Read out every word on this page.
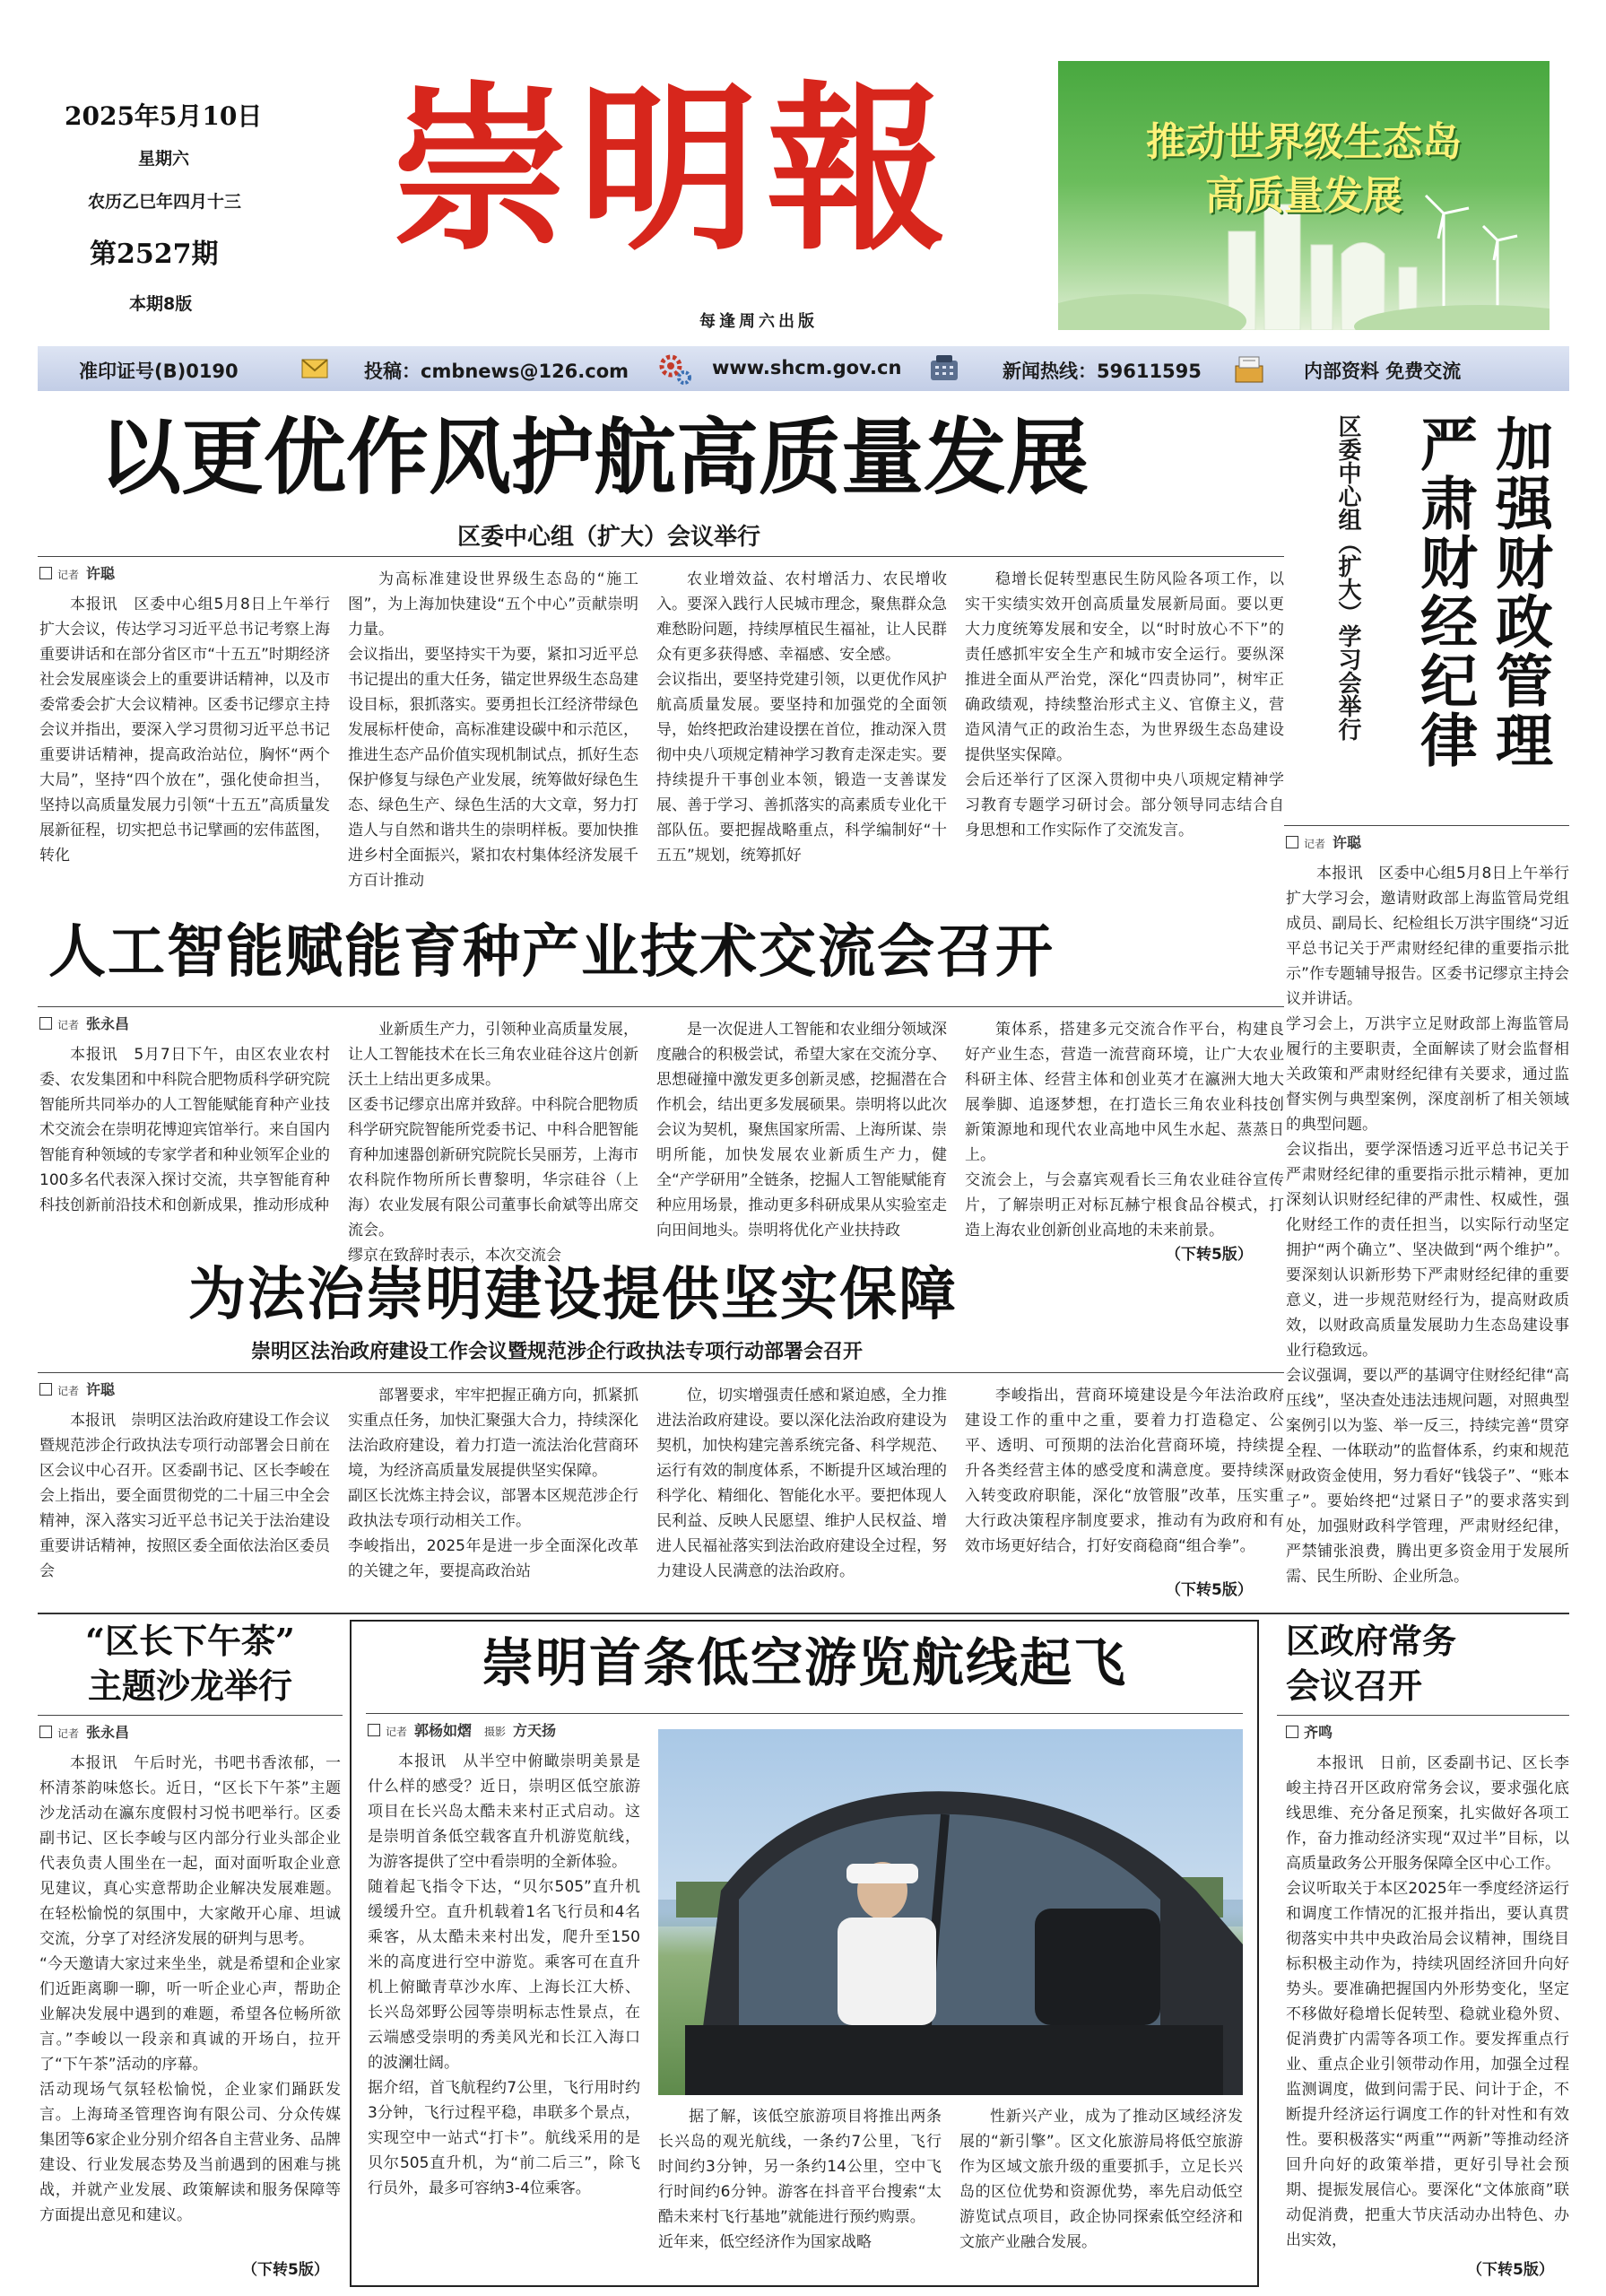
2025年5月10日
星期六
农历乙巳年四月十三
第2527期
本期8版
崇明報
每逢周六出版
推动世界级生态岛
高质量发展
准印证号(B)0190	投稿：cmbnews@126.com	www.shcm.gov.cn	新闻热线：59611595	内部资料 免费交流
以更优作风护航高质量发展
区委中心组（扩大）会议举行
记者 许聪
本报讯　区委中心组5月8日上午举行扩大会议，传达学习习近平总书记考察上海重要讲话和在部分省区市“十五五”时期经济社会发展座谈会上的重要讲话精神，以及市委常委会扩大会议精神。区委书记缪京主持会议并指出，要深入学习贯彻习近平总书记重要讲话精神，提高政治站位，胸怀“两个大局”，坚持“四个放在”，强化使命担当，坚持以高质量发展力引领“十五五”高质量发展新征程，切实把总书记擘画的宏伟蓝图，转化
为高标准建设世界级生态岛的“施工图”，为上海加快建设“五个中心”贡献崇明力量。
会议指出，要坚持实干为要，紧扣习近平总书记提出的重大任务，锚定世界级生态岛建设目标，狠抓落实。要勇担长江经济带绿色发展标杆使命，高标准建设碳中和示范区，推进生态产品价值实现机制试点，抓好生态保护修复与绿色产业发展，统筹做好绿色生态、绿色生产、绿色生活的大文章，努力打造人与自然和谐共生的崇明样板。要加快推进乡村全面振兴，紧扣农村集体经济发展千方百计推动
农业增效益、农村增活力、农民增收入。要深入践行人民城市理念，聚焦群众急难愁盼问题，持续厚植民生福祉，让人民群众有更多获得感、幸福感、安全感。
会议指出，要坚持党建引领，以更优作风护航高质量发展。要坚持和加强党的全面领导，始终把政治建设摆在首位，推动深入贯彻中央八项规定精神学习教育走深走实。要持续提升干事创业本领，锻造一支善谋发展、善于学习、善抓落实的高素质专业化干部队伍。要把握战略重点，科学编制好“十五五”规划，统筹抓好
稳增长促转型惠民生防风险各项工作，以实干实绩实效开创高质量发展新局面。要以更大力度统筹发展和安全，以“时时放心不下”的责任感抓牢安全生产和城市安全运行。要纵深推进全面从严治党，深化“四责协同”，树牢正确政绩观，持续整治形式主义、官僚主义，营造风清气正的政治生态，为世界级生态岛建设提供坚实保障。
会后还举行了区深入贯彻中央八项规定精神学习教育专题学习研讨会。部分领导同志结合自身思想和工作实际作了交流发言。
区委中心组（扩大）学习会举行	加强财政管理严肃财经纪律
记者 许聪
本报讯　区委中心组5月8日上午举行扩大学习会，邀请财政部上海监管局党组成员、副局长、纪检组长万洪宇围绕“习近平总书记关于严肃财经纪律的重要指示批示”作专题辅导报告。区委书记缪京主持会议并讲话。
学习会上，万洪宇立足财政部上海监管局履行的主要职责，全面解读了财会监督相关政策和严肃财经纪律有关要求，通过监督实例与典型案例，深度剖析了相关领域的典型问题。
会议指出，要学深悟透习近平总书记关于严肃财经纪律的重要指示批示精神，更加深刻认识财经纪律的严肃性、权威性，强化财经工作的责任担当，以实际行动坚定拥护“两个确立”、坚决做到“两个维护”。要深刻认识新形势下严肃财经纪律的重要意义，进一步规范财经行为，提高财政质效，以财政高质量发展助力生态岛建设事业行稳致远。
会议强调，要以严的基调守住财经纪律“高压线”，坚决查处违法违规问题，对照典型案例引以为鉴、举一反三，持续完善“贯穿全程、一体联动”的监督体系，约束和规范财政资金使用，努力看好“钱袋子”、“账本子”。要始终把“过紧日子”的要求落实到处，加强财政科学管理，严肃财经纪律，严禁铺张浪费，腾出更多资金用于发展所需、民生所盼、企业所急。
人工智能赋能育种产业技术交流会召开
记者 张永昌
本报讯　5月7日下午，由区农业农村委、农发集团和中科院合肥物质科学研究院智能所共同举办的人工智能赋能育种产业技术交流会在崇明花博迎宾馆举行。来自国内智能育种领域的专家学者和种业领军企业的100多名代表深入探讨交流，共享智能育种科技创新前沿技术和创新成果，推动形成种
业新质生产力，引领种业高质量发展，让人工智能技术在长三角农业硅谷这片创新沃土上结出更多成果。
区委书记缪京出席并致辞。中科院合肥物质科学研究院智能所党委书记、中科合肥智能育种加速器创新研究院院长吴丽芳，上海市农科院作物所所长曹黎明，华宗硅谷（上海）农业发展有限公司董事长俞斌等出席交流会。
缪京在致辞时表示，本次交流会
是一次促进人工智能和农业细分领域深度融合的积极尝试，希望大家在交流分享、思想碰撞中激发更多创新灵感，挖掘潜在合作机会，结出更多发展硕果。崇明将以此次会议为契机，聚焦国家所需、上海所谋、崇明所能，加快发展农业新质生产力，健全“产学研用”全链条，挖掘人工智能赋能育种应用场景，推动更多科研成果从实验室走向田间地头。崇明将优化产业扶持政
策体系，搭建多元交流合作平台，构建良好产业生态，营造一流营商环境，让广大农业科研主体、经营主体和创业英才在瀛洲大地大展拳脚、追逐梦想，在打造长三角农业科技创新策源地和现代农业高地中风生水起、蒸蒸日上。
交流会上，与会嘉宾观看长三角农业硅谷宣传片，了解崇明正对标瓦赫宁根食品谷模式，打造上海农业创新创业高地的未来前景。
（下转5版）
为法治崇明建设提供坚实保障
崇明区法治政府建设工作会议暨规范涉企行政执法专项行动部署会召开
记者 许聪
本报讯　崇明区法治政府建设工作会议暨规范涉企行政执法专项行动部署会日前在区会议中心召开。区委副书记、区长李峻在会上指出，要全面贯彻党的二十届三中全会精神，深入落实习近平总书记关于法治建设重要讲话精神，按照区委全面依法治区委员会
部署要求，牢牢把握正确方向，抓紧抓实重点任务，加快汇聚强大合力，持续深化法治政府建设，着力打造一流法治化营商环境，为经济高质量发展提供坚实保障。
副区长沈炼主持会议，部署本区规范涉企行政执法专项行动相关工作。
李峻指出，2025年是进一步全面深化改革的关键之年，要提高政治站
位，切实增强责任感和紧迫感，全力推进法治政府建设。要以深化法治政府建设为契机，加快构建完善系统完备、科学规范、运行有效的制度体系，不断提升区域治理的科学化、精细化、智能化水平。要把体现人民利益、反映人民愿望、维护人民权益、增进人民福祉落实到法治政府建设全过程，努力建设人民满意的法治政府。
李峻指出，营商环境建设是今年法治政府建设工作的重中之重，要着力打造稳定、公平、透明、可预期的法治化营商环境，持续提升各类经营主体的感受度和满意度。要持续深入转变政府职能，深化“放管服”改革，压实重大行政决策程序制度要求，推动有为政府和有效市场更好结合，打好安商稳商“组合拳”。
（下转5版）
“区长下午茶”
主题沙龙举行
记者 张永昌
本报讯　午后时光，书吧书香浓郁，一杯清茶韵味悠长。近日，“区长下午茶”主题沙龙活动在瀛东度假村习悦书吧举行。区委副书记、区长李峻与区内部分行业头部企业代表负责人围坐在一起，面对面听取企业意见建议，真心实意帮助企业解决发展难题。在轻松愉悦的氛围中，大家敞开心扉、坦诚交流，分享了对经济发展的研判与思考。
“今天邀请大家过来坐坐，就是希望和企业家们近距离聊一聊，听一听企业心声，帮助企业解决发展中遇到的难题，希望各位畅所欲言。”李峻以一段亲和真诚的开场白，拉开了“下午茶”活动的序幕。
活动现场气氛轻松愉悦，企业家们踊跃发言。上海琦圣管理咨询有限公司、分众传媒集团等6家企业分别介绍各自主营业务、品牌建设、行业发展态势及当前遇到的困难与挑战，并就产业发展、政策解读和服务保障等方面提出意见和建议。
（下转5版）
崇明首条低空游览航线起飞
记者 郭杨如熠 摄影 方天扬
本报讯　从半空中俯瞰崇明美景是什么样的感受？近日，崇明区低空旅游项目在长兴岛太酷未来村正式启动。这是崇明首条低空载客直升机游览航线，为游客提供了空中看崇明的全新体验。
随着起飞指令下达，“贝尔505”直升机缓缓升空。直升机载着1名飞行员和4名乘客，从太酷未来村出发，爬升至150米的高度进行空中游览。乘客可在直升机上俯瞰青草沙水库、上海长江大桥、长兴岛郊野公园等崇明标志性景点，在云端感受崇明的秀美风光和长江入海口的波澜壮阔。
据介绍，首飞航程约7公里，飞行用时约3分钟，飞行过程平稳，串联多个景点，实现空中一站式“打卡”。航线采用的是贝尔505直升机，为“前二后三”，除飞行员外，最多可容纳3-4位乘客。
据了解，该低空旅游项目将推出两条长兴岛的观光航线，一条约7公里，飞行时间约3分钟，另一条约14公里，空中飞行时间约6分钟。游客在抖音平台搜索“太酷未来村飞行基地”就能进行预约购票。
近年来，低空经济作为国家战略
性新兴产业，成为了推动区域经济发展的“新引擎”。区文化旅游局将低空旅游作为区域文旅升级的重要抓手，立足长兴岛的区位优势和资源优势，率先启动低空游览试点项目，政企协同探索低空经济和文旅产业融合发展。
区政府常务
会议召开
齐鸣
本报讯　日前，区委副书记、区长李峻主持召开区政府常务会议，要求强化底线思维、充分备足预案，扎实做好各项工作，奋力推动经济实现“双过半”目标，以高质量政务公开服务保障全区中心工作。
会议听取关于本区2025年一季度经济运行和调度工作情况的汇报并指出，要认真贯彻落实中共中央政治局会议精神，围绕目标积极主动作为，持续巩固经济回升向好势头。要准确把握国内外形势变化，坚定不移做好稳增长促转型、稳就业稳外贸、促消费扩内需等各项工作。要发挥重点行业、重点企业引领带动作用，加强全过程监测调度，做到问需于民、问计于企，不断提升经济运行调度工作的针对性和有效性。要积极落实“两重”“两新”等推动经济回升向好的政策举措，更好引导社会预期、提振发展信心。要深化“文体旅商”联动促消费，把重大节庆活动办出特色、办出实效，
（下转5版）
